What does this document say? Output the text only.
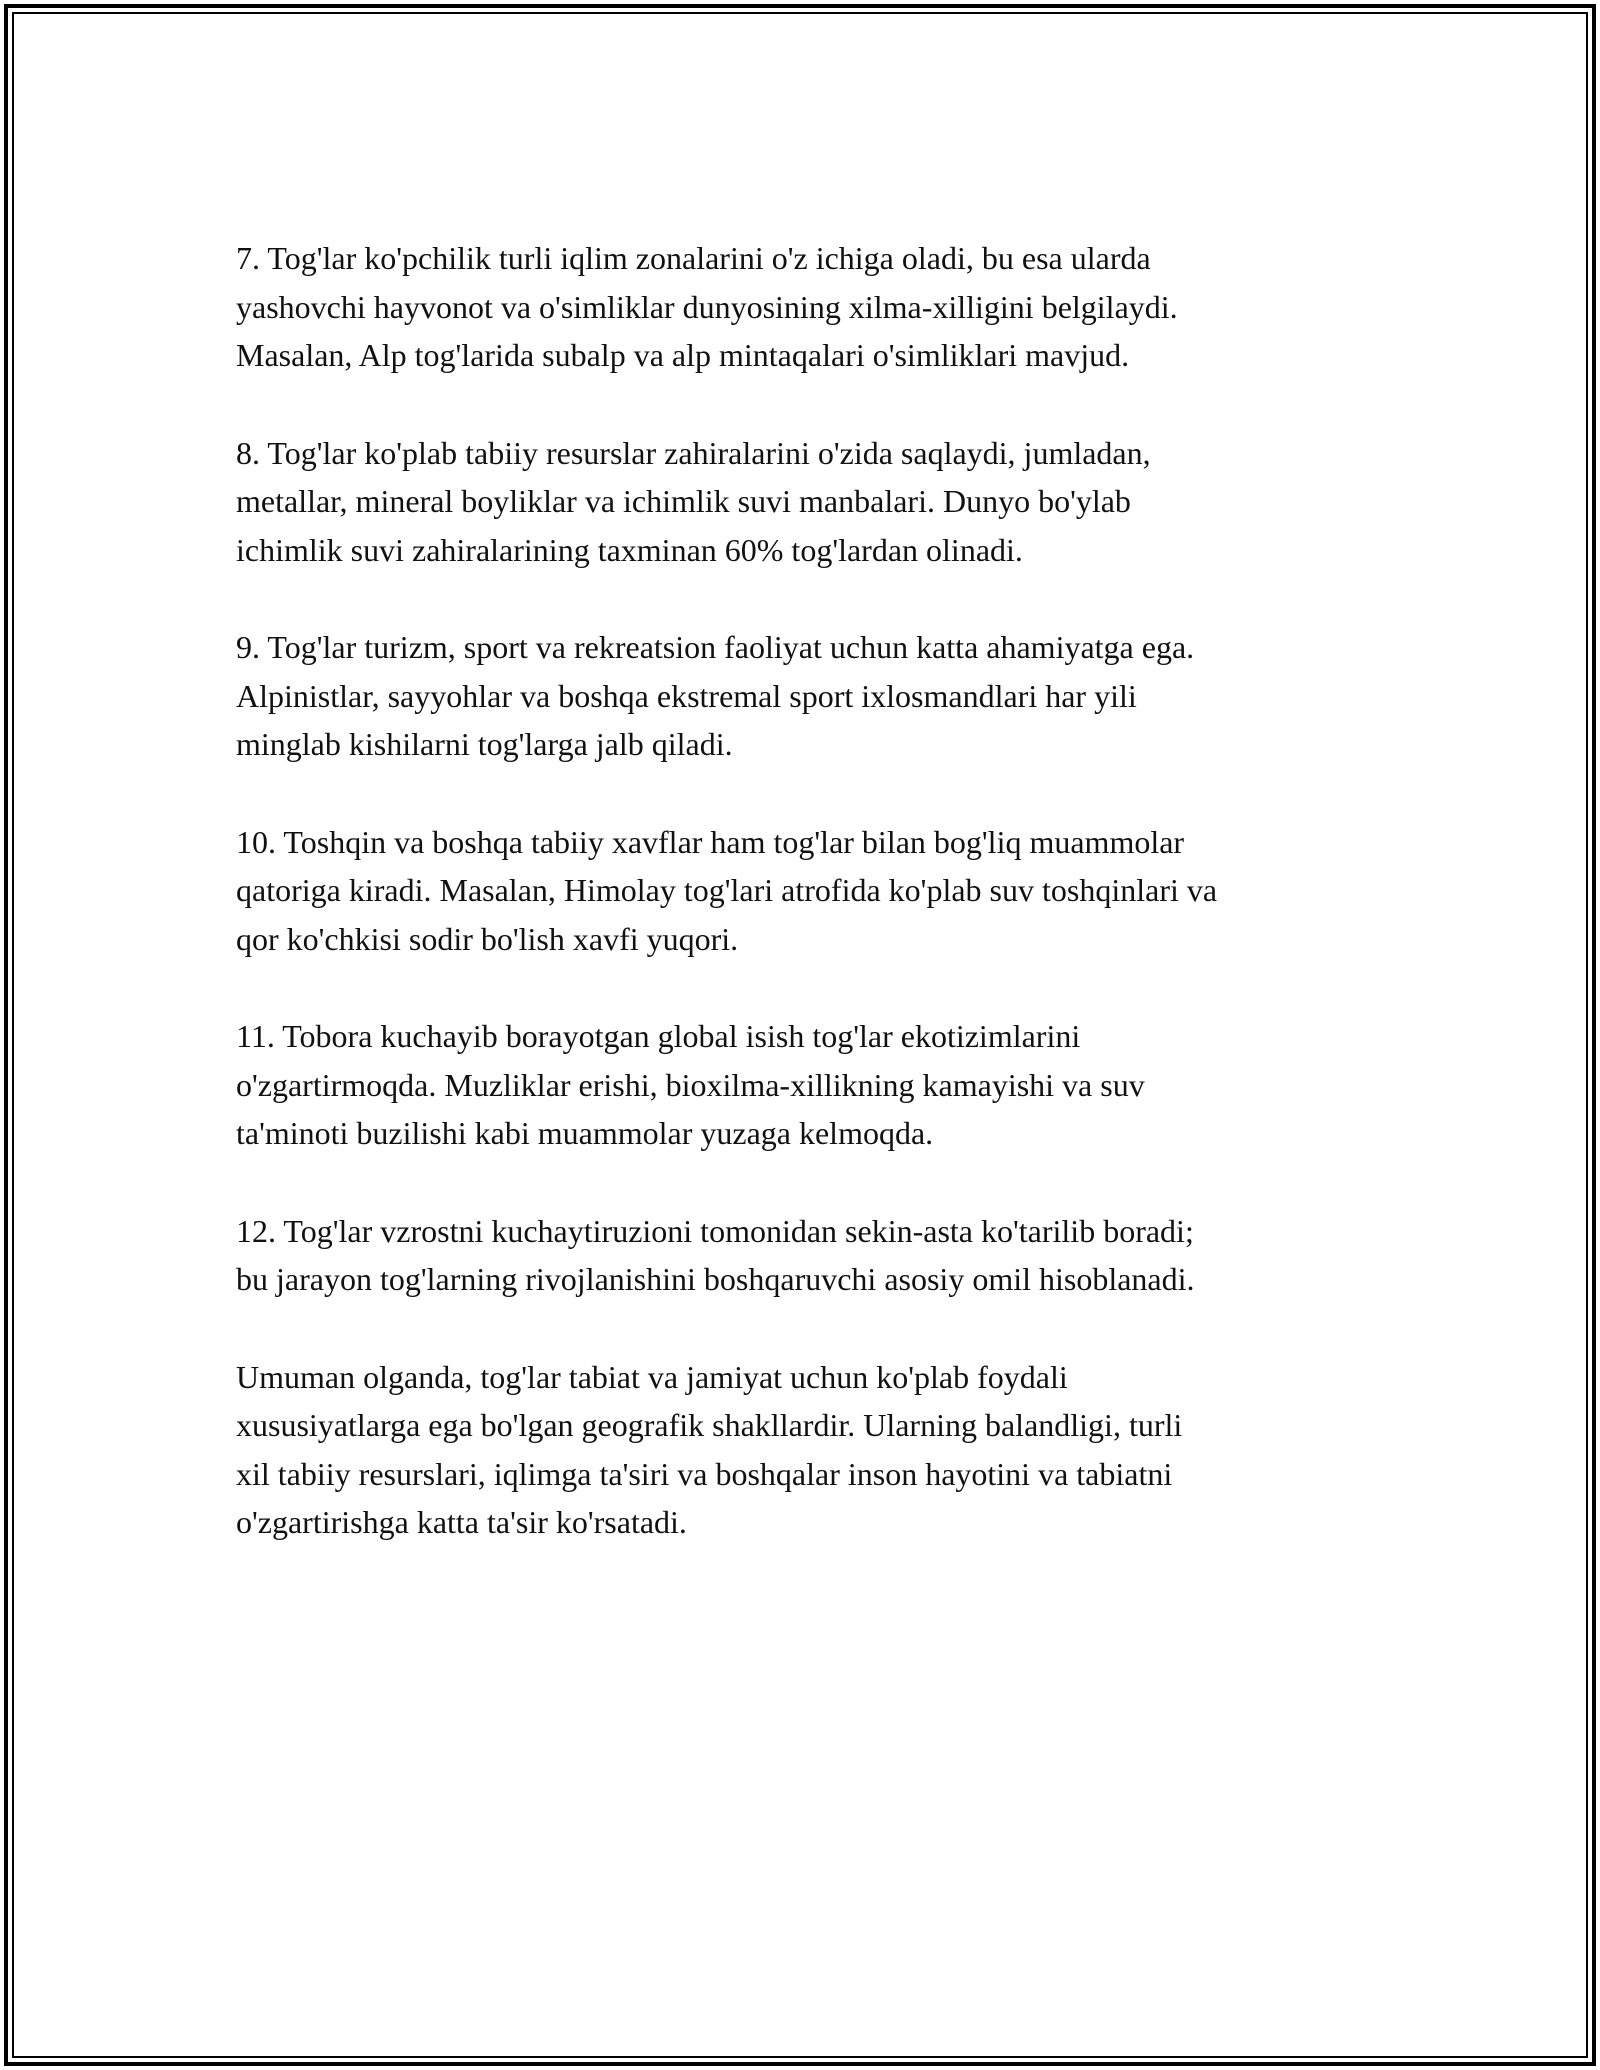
7. Tog'lar ko'pchilik turli iqlim zonalarini o'z ichiga oladi, bu esa ularda
yashovchi hayvonot va o'simliklar dunyosining xilma-xilligini belgilaydi.
Masalan, Alp tog'larida subalp va alp mintaqalari o'simliklari mavjud.

8. Tog'lar ko'plab tabiiy resurslar zahiralarini o'zida saqlaydi, jumladan,
metallar, mineral boyliklar va ichimlik suvi manbalari. Dunyo bo'ylab
ichimlik suvi zahiralarining taxminan 60% tog'lardan olinadi.

9. Tog'lar turizm, sport va rekreatsion faoliyat uchun katta ahamiyatga ega.
Alpinistlar, sayyohlar va boshqa ekstremal sport ixlosmandlari har yili
minglab kishilarni tog'larga jalb qiladi.

10. Toshqin va boshqa tabiiy xavflar ham tog'lar bilan bog'liq muammolar
qatoriga kiradi. Masalan, Himolay tog'lari atrofida ko'plab suv toshqinlari va
qor ko'chkisi sodir bo'lish xavfi yuqori.

11. Tobora kuchayib borayotgan global isish tog'lar ekotizimlarini
o'zgartirmoqda. Muzliklar erishi, bioxilma-xillikning kamayishi va suv
ta'minoti buzilishi kabi muammolar yuzaga kelmoqda.

12. Tog'lar vzrostni kuchaytiruzioni tomonidan sekin-asta ko'tarilib boradi;
bu jarayon tog'larning rivojlanishini boshqaruvchi asosiy omil hisoblanadi.

Umuman olganda, tog'lar tabiat va jamiyat uchun ko'plab foydali
xususiyatlarga ega bo'lgan geografik shakllardir. Ularning balandligi, turli
xil tabiiy resurslari, iqlimga ta'siri va boshqalar inson hayotini va tabiatni
o'zgartirishga katta ta'sir ko'rsatadi.
